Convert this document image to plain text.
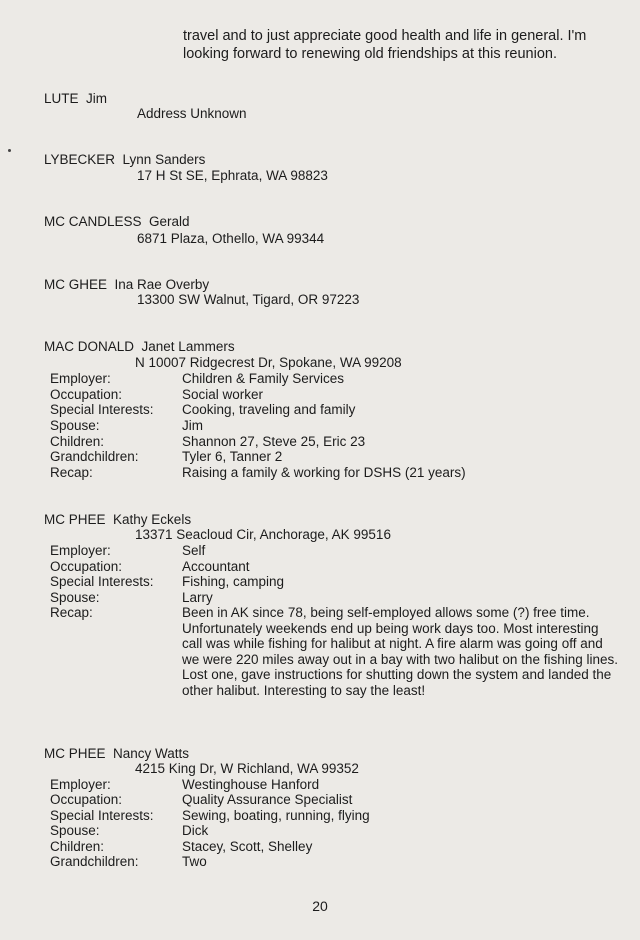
travel and to just appreciate good health and life in general. I'm looking forward to renewing old friendships at this reunion.
LUTE Jim
Address Unknown
LYBECKER Lynn Sanders
17 H St SE, Ephrata, WA 98823
MC CANDLESS Gerald
6871 Plaza, Othello, WA 99344
MC GHEE Ina Rae Overby
13300 SW Walnut, Tigard, OR 97223
MAC DONALD Janet Lammers
N 10007 Ridgecrest Dr, Spokane, WA 99208
Employer:	Children & Family Services
Occupation:	Social worker
Special Interests: Cooking, traveling and family
Spouse:	Jim
Children:	Shannon 27, Steve 25, Eric 23
Grandchildren:	Tyler 6, Tanner 2
Recap:	Raising a family & working for DSHS (21 years)
MC PHEE Kathy Eckels
13371 Seacloud Cir, Anchorage, AK 99516
Employer:	Self
Occupation:	Accountant
Special Interests: Fishing, camping
Spouse:	Larry
Recap:	Been in AK since 78, being self-employed allows some (?) free time. Unfortunately weekends end up being work days too. Most interesting call was while fishing for halibut at night. A fire alarm was going off and we were 220 miles away out in a bay with two halibut on the fishing lines. Lost one, gave instructions for shutting down the system and landed the other halibut. Interesting to say the least!
MC PHEE Nancy Watts
4215 King Dr, W Richland, WA 99352
Employer:	Westinghouse Hanford
Occupation:	Quality Assurance Specialist
Special Interests: Sewing, boating, running, flying
Spouse:	Dick
Children:	Stacey, Scott, Shelley
Grandchildren:	Two
20
